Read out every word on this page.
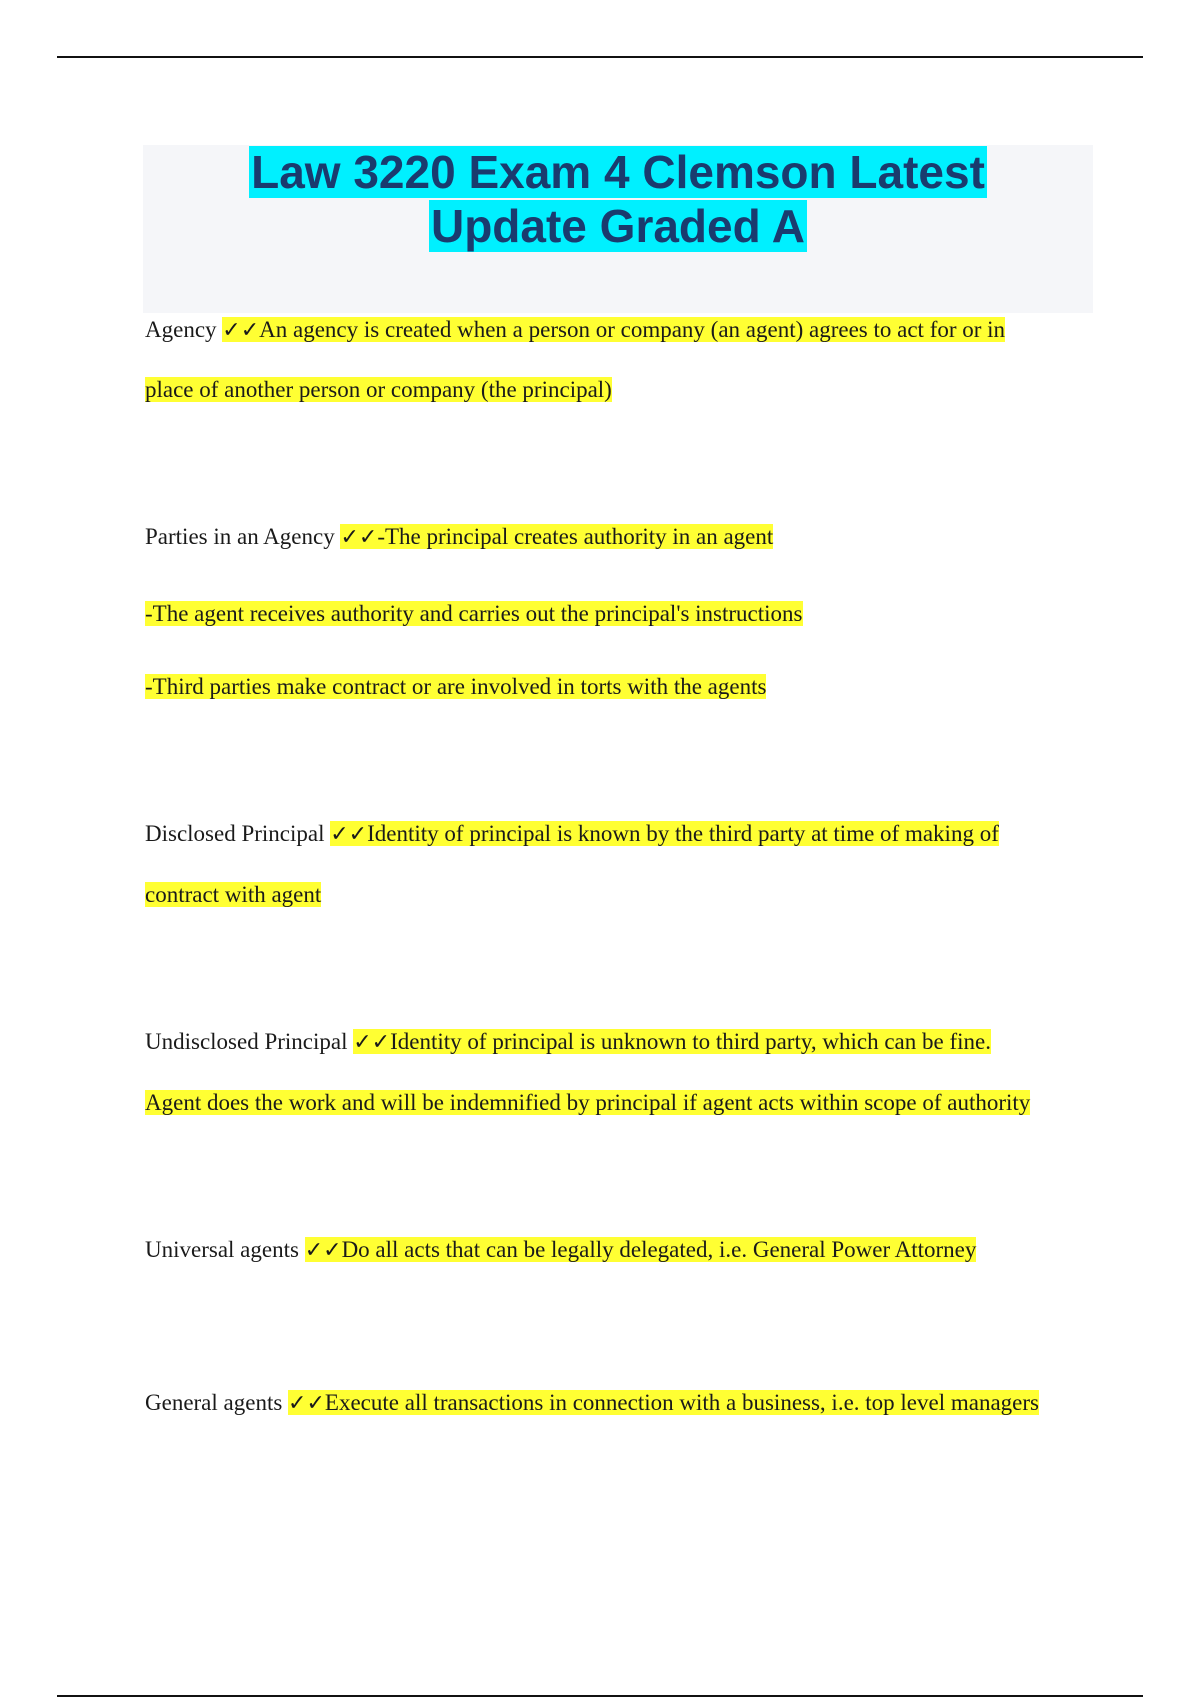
Law 3220 Exam 4 Clemson Latest
Update Graded A
Agency ✓✓An agency is created when a person or company (an agent) agrees to act for or in
place of another person or company (the principal)
Parties in an Agency ✓✓-The principal creates authority in an agent
-The agent receives authority and carries out the principal's instructions
-Third parties make contract or are involved in torts with the agents
Disclosed Principal ✓✓Identity of principal is known by the third party at time of making of
contract with agent
Undisclosed Principal ✓✓Identity of principal is unknown to third party, which can be fine.
Agent does the work and will be indemnified by principal if agent acts within scope of authority
Universal agents ✓✓Do all acts that can be legally delegated, i.e. General Power Attorney
General agents ✓✓Execute all transactions in connection with a business, i.e. top level managers
